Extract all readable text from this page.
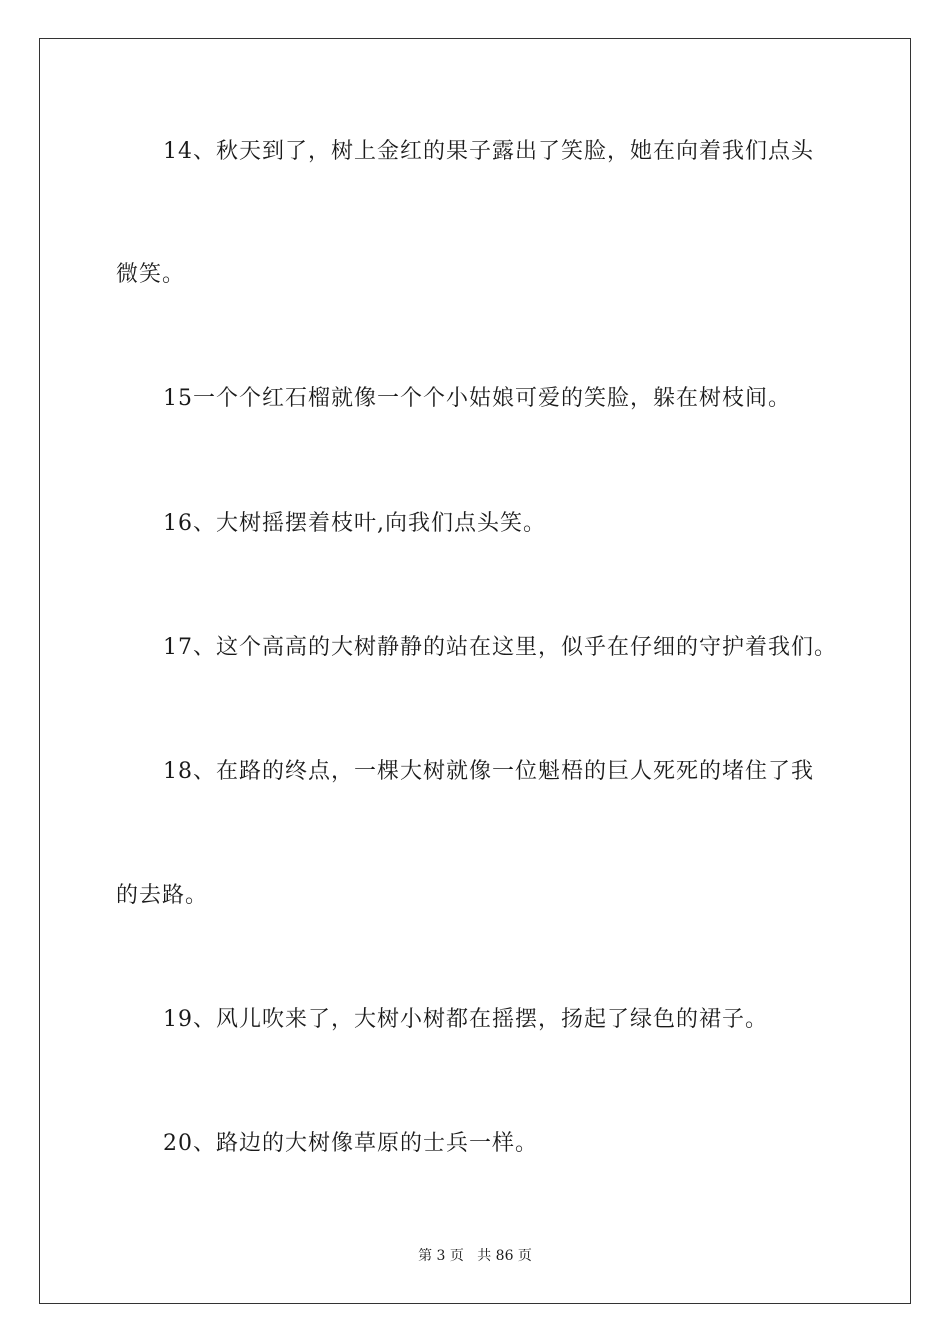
14、秋天到了，树上金红的果子露出了笑脸，她在向着我们点头
微笑。
15一个个红石榴就像一个个小姑娘可爱的笑脸，躲在树枝间。
16、大树摇摆着枝叶,向我们点头笑。
17、这个高高的大树静静的站在这里，似乎在仔细的守护着我们。
18、在路的终点，一棵大树就像一位魁梧的巨人死死的堵住了我
的去路。
19、风儿吹来了，大树小树都在摇摆，扬起了绿色的裙子。
20、路边的大树像草原的士兵一样。
第 3 页   共 86 页
